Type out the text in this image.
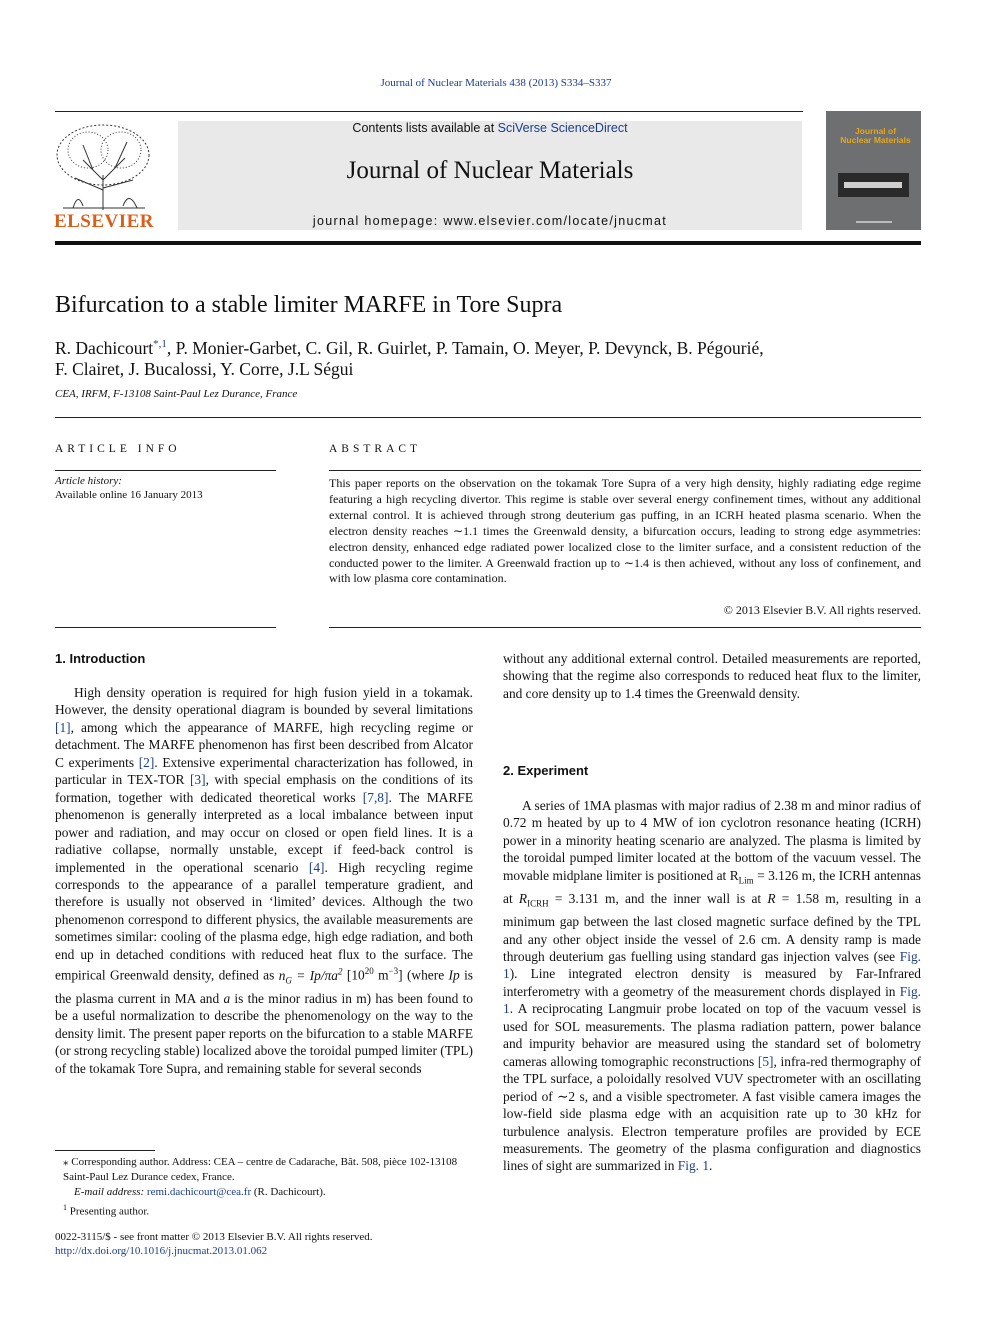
Journal of Nuclear Materials 438 (2013) S334–S337
ELSEVIER
Contents lists available at SciVerse ScienceDirect
Journal of Nuclear Materials
journal homepage: www.elsevier.com/locate/jnucmat
Journal of
Nuclear Materials
Bifurcation to a stable limiter MARFE in Tore Supra
R. Dachicourt$^{*,1}$, P. Monier-Garbet, C. Gil, R. Guirlet, P. Tamain, O. Meyer, P. Devynck, B. Pégourié,
F. Clairet, J. Bucalossi, Y. Corre, J.L Ségui
CEA, IRFM, F-13108 Saint-Paul Lez Durance, France
ARTICLE INFO
Article history:
Available online 16 January 2013
ABSTRACT
This paper reports on the observation on the tokamak Tore Supra of a very high density, highly radiating edge regime featuring a high recycling divertor. This regime is stable over several energy confinement times, without any additional external control. It is achieved through strong deuterium gas puffing, in an ICRH heated plasma scenario. When the electron density reaches ∼1.1 times the Greenwald density, a bifurcation occurs, leading to strong edge asymmetries: electron density, enhanced edge radiated power localized close to the limiter surface, and a consistent reduction of the conducted power to the limiter. A Greenwald fraction up to ∼1.4 is then achieved, without any loss of confinement, and with low plasma core contamination.
© 2013 Elsevier B.V. All rights reserved.
1. Introduction

High density operation is required for high fusion yield in a tokamak. However, the density operational diagram is bounded by several limitations [1], among which the appearance of MARFE, high recycling regime or detachment. The MARFE phenomenon has first been described from Alcator C experiments [2]. Extensive experimental characterization has followed, in particular in TEX-TOR [3], with special emphasis on the conditions of its formation, together with dedicated theoretical works [7,8]. The MARFE phenomenon is generally interpreted as a local imbalance between input power and radiation, and may occur on closed or open field lines. It is a radiative collapse, normally unstable, except if feed-back control is implemented in the operational scenario [4]. High recycling regime corresponds to the appearance of a parallel temperature gradient, and therefore is usually not observed in ‘limited’ devices. Although the two phenomenon correspond to different physics, the available measurements are sometimes similar: cooling of the plasma edge, high edge radiation, and both end up in detached conditions with reduced heat flux to the surface. The empirical Greenwald density, defined as $n_G = Ip/\pi a^2$ [$10^{20}$ $m^{-3}$] (where Ip is the plasma current in MA and a is the minor radius in m) has been found to be a useful normalization to describe the phenomenology on the way to the density limit. The present paper reports on the bifurcation to a stable MARFE (or strong recycling stable) localized above the toroidal pumped limiter (TPL) of the tokamak Tore Supra, and remaining stable for several seconds

⁎ Corresponding author. Address: CEA – centre de Cadarache, Bât. 508, pièce 102-13108 Saint-Paul Lez Durance cedex, France.
E-mail address: remi.dachicourt@cea.fr (R. Dachicourt).
$^1$ Presenting author.
0022-3115/$ - see front matter © 2013 Elsevier B.V. All rights reserved.
http://dx.doi.org/10.1016/j.jnucmat.2013.01.062

without any additional external control. Detailed measurements are reported, showing that the regime also corresponds to reduced heat flux to the limiter, and core density up to 1.4 times the Greenwald density.

2. Experiment

A series of 1MA plasmas with major radius of 2.38 m and minor radius of 0.72 m heated by up to 4 MW of ion cyclotron resonance heating (ICRH) power in a minority heating scenario are analyzed. The plasma is limited by the toroidal pumped limiter located at the bottom of the vacuum vessel. The movable midplane limiter is positioned at $R_{Lim} = 3.126$ m, the ICRH antennas at $R_{ICRH} = 3.131$ m, and the inner wall is at R = 1.58 m, resulting in a minimum gap between the last closed magnetic surface defined by the TPL and any other object inside the vessel of 2.6 cm. A density ramp is made through deuterium gas fuelling using standard gas injection valves (see Fig. 1). Line integrated electron density is measured by Far-Infrared interferometry with a geometry of the measurement chords displayed in Fig. 1. A reciprocating Langmuir probe located on top of the vacuum vessel is used for SOL measurements. The plasma radiation pattern, power balance and impurity behavior are measured using the standard set of bolometry cameras allowing tomographic reconstructions [5], infra-red thermography of the TPL surface, a poloidally resolved VUV spectrometer with an oscillating period of ∼2 s, and a visible spectrometer. A fast visible camera images the low-field side plasma edge with an acquisition rate up to 30 kHz for turbulence analysis. Electron temperature profiles are provided by ECE measurements. The geometry of the plasma configuration and diagnostics lines of sight are summarized in Fig. 1.
